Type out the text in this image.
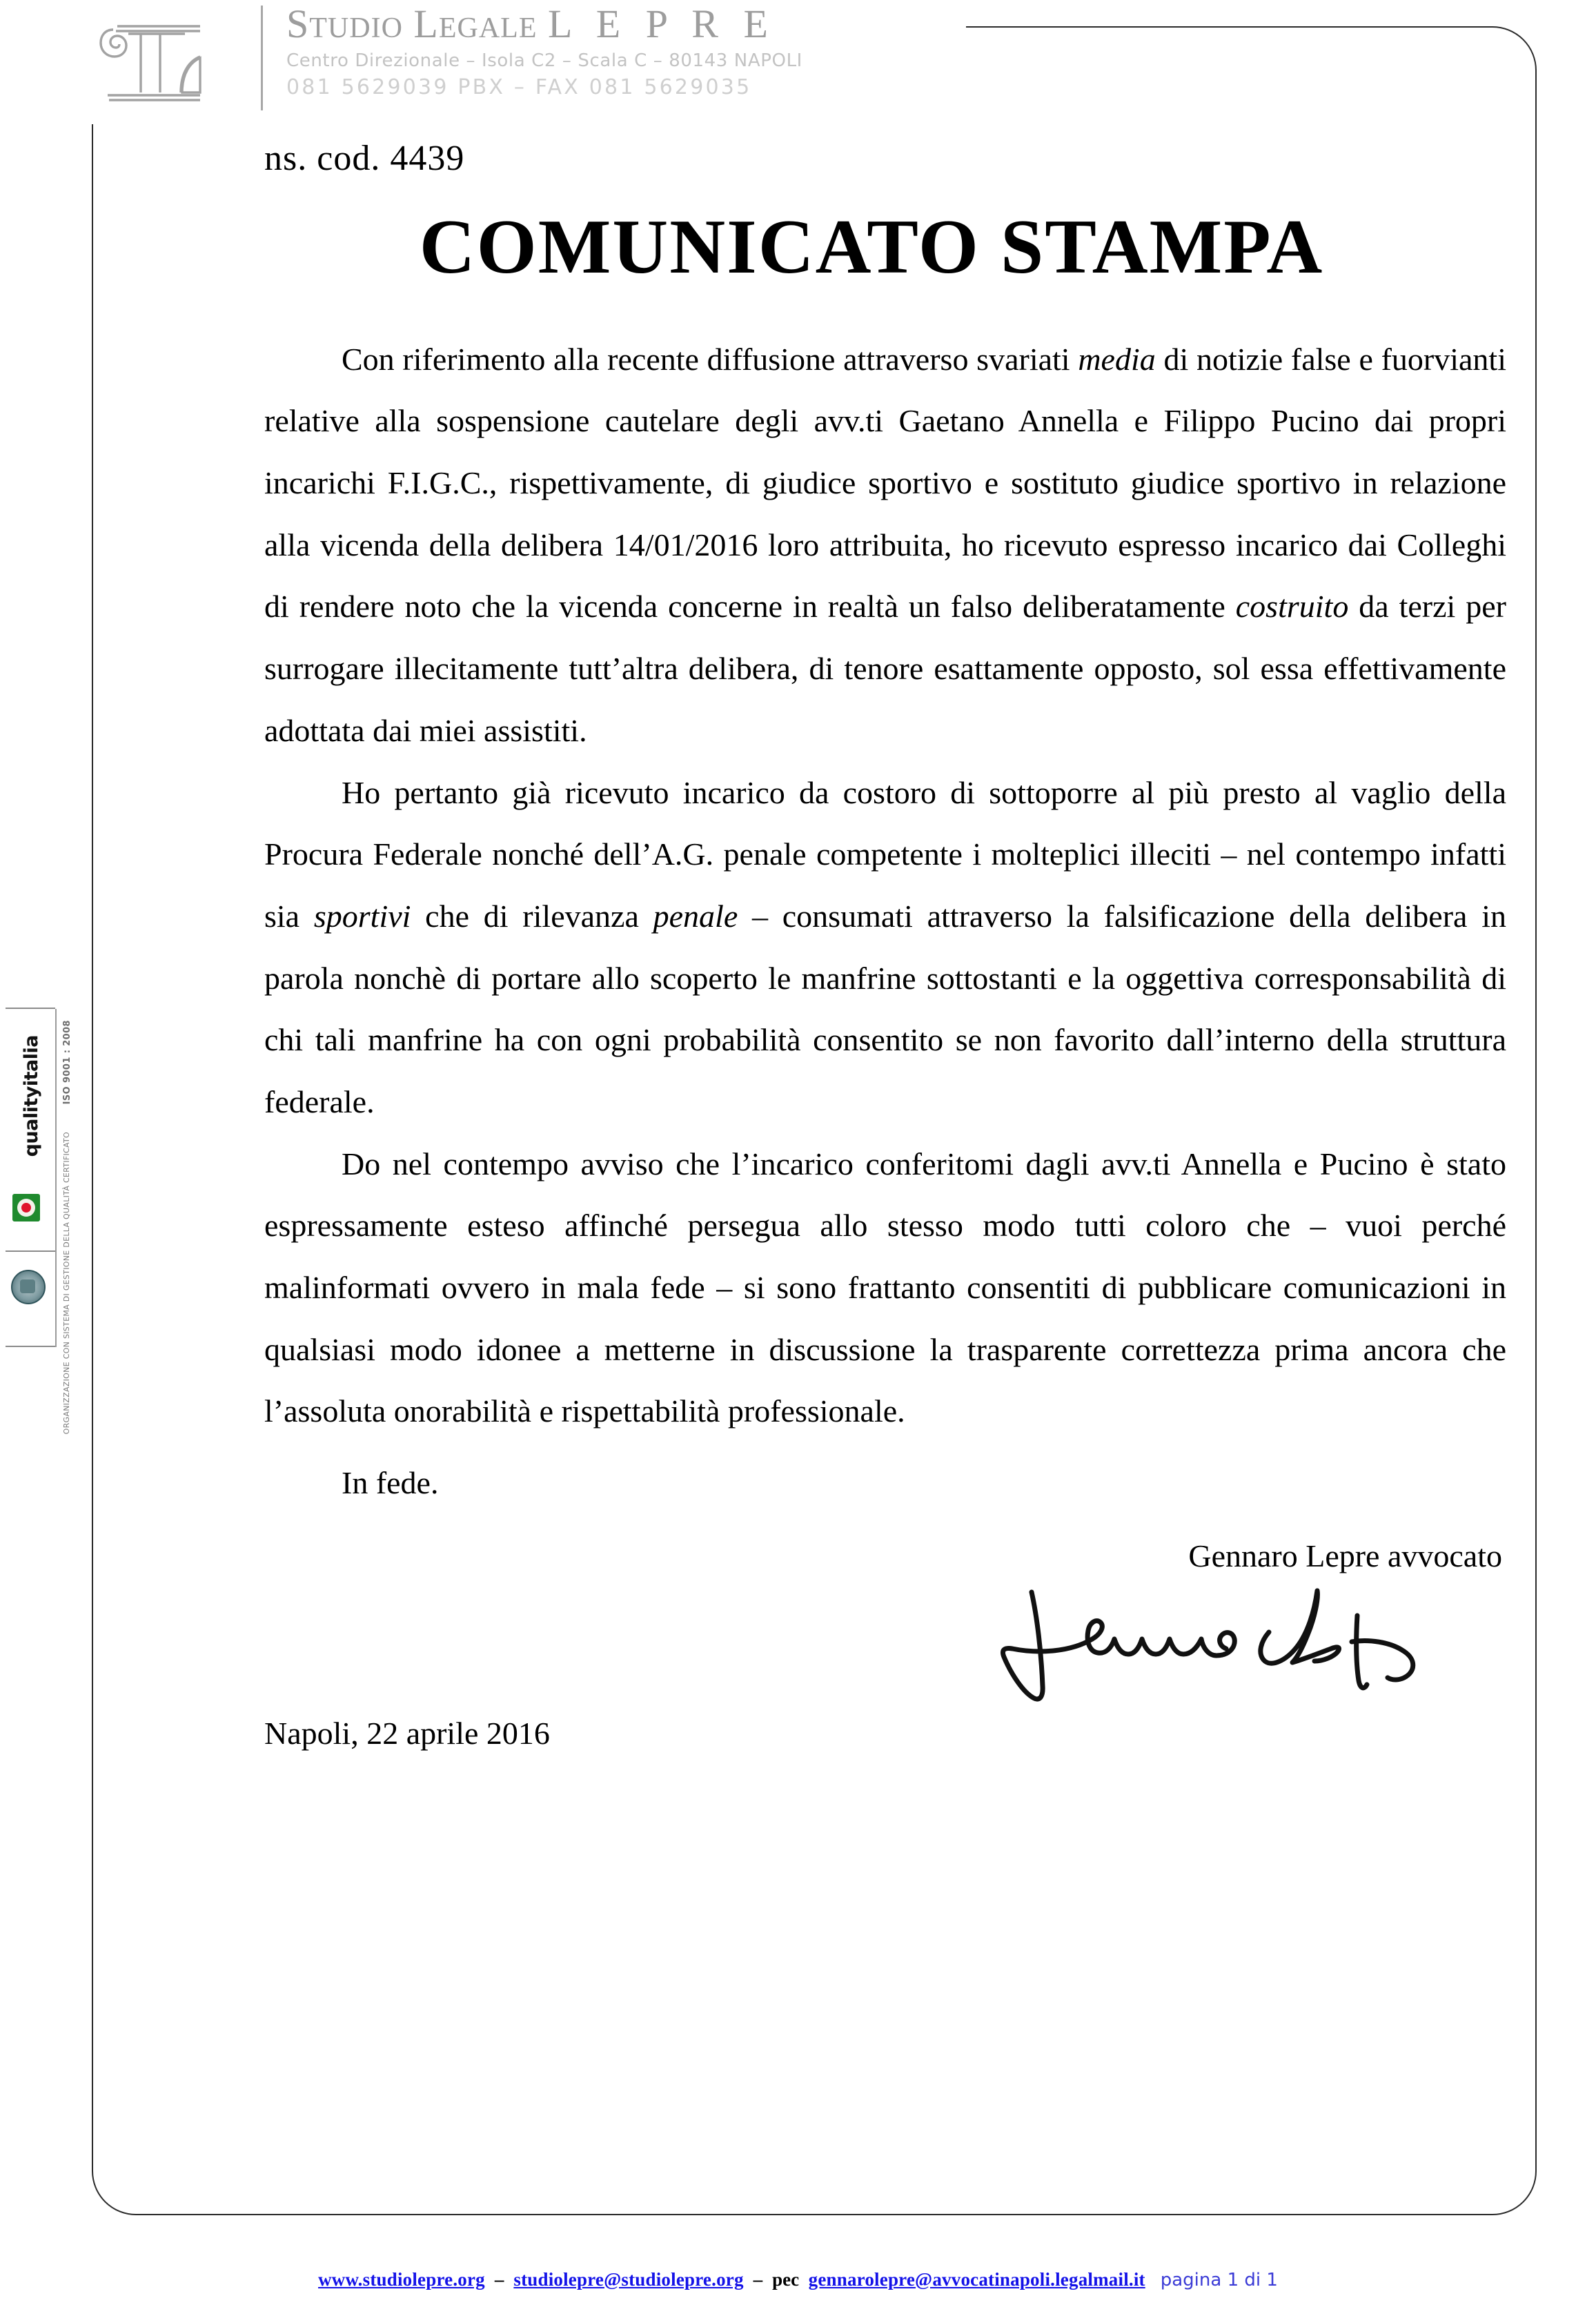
STUDIO LEGALE L E P R E
Centro Direzionale – Isola C2 – Scala C – 80143 NAPOLI
081 5629039 PBX – FAX 081 5629035
qualityitalia ISO 9001 : 2008
ORGANIZZAZIONE CON SISTEMA DI GESTIONE DELLA QUALITÀ CERTIFICATO
ns. cod. 4439
COMUNICATO STAMPA

Con riferimento alla recente diffusione attraverso svariati media di notizie false e fuorvianti relative alla sospensione cautelare degli avv.ti Gaetano Annella e Filippo Pucino dai propri incarichi F.I.G.C., rispettivamente, di giudice sportivo e sostituto giudice sportivo in relazione alla vicenda della delibera 14/01/2016 loro attribuita, ho ricevuto espresso incarico dai Colleghi di rendere noto che la vicenda concerne in realtà un falso deliberatamente costruito da terzi per surrogare illecitamente tutt’altra delibera, di tenore esattamente opposto, sol essa effettivamente adottata dai miei assistiti.

Ho pertanto già ricevuto incarico da costoro di sottoporre al più presto al vaglio della Procura Federale nonché dell’A.G. penale competente i molteplici illeciti – nel contempo infatti sia sportivi che di rilevanza penale – consumati attraverso la falsificazione della delibera in parola nonchè di portare allo scoperto le manfrine sottostanti e la oggettiva corresponsabilità di chi tali manfrine ha con ogni probabilità consentito se non favorito dall’interno della struttura federale.

Do nel contempo avviso che l’incarico conferitomi dagli avv.ti Annella e Pucino è stato espressamente esteso affinché persegua allo stesso modo tutti coloro che – vuoi perché malinformati ovvero in mala fede – si sono frattanto consentiti di pubblicare comunicazioni in qualsiasi modo idonee a metterne in discussione la trasparente correttezza prima ancora che l’assoluta onorabilità e rispettabilità professionale.

In fede.

Gennaro Lepre avvocato

Napoli, 22 aprile 2016

www.studiolepre.org – studiolepre@studiolepre.org – pec gennarolepre@avvocatinapoli.legalmail.it pagina 1 di 1
